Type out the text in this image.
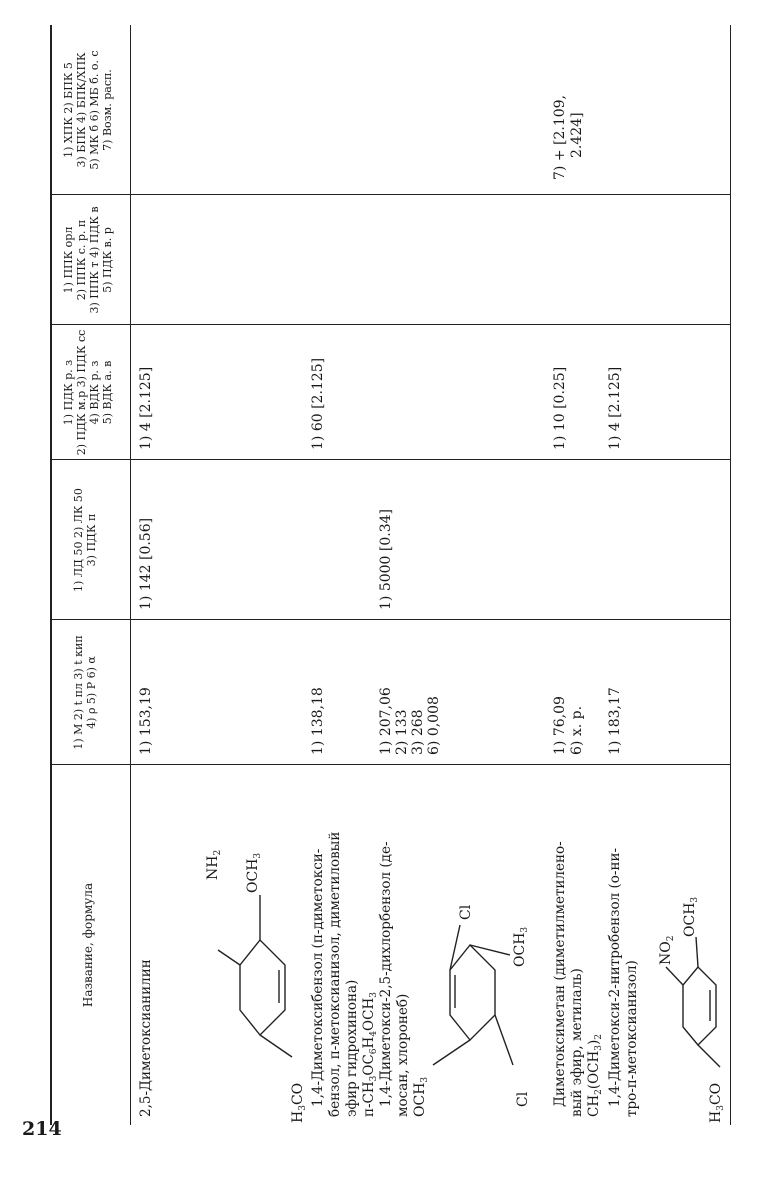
214
Название, формула
1) M 2) t пл 3) t кип 4) ρ 5) P 6) α
1) ЛД 50 2) ЛК 50 3) ПДК п
1) ПДК р. з 2) ПДК м.р 3) ПДК сс 4) ВДК р. з 5) ВДК а. в
1) ППК орл 2) ППК с. р. п 3) ППК т 4) ПДК в 5) ПДК в. р
1) ХПК 2) БПК 5 3) БПК 4) БПК/ХПК 5) МК б 6) МБ б. о. с 7) Возм. расп.
2,5-Диметоксианилин
$NH_2$
$OCH_3$
$H_3CO$
1) 153,19
1) 142 [0.56]
1) 4 [2.125]
1,4-Диметоксибензол (п-диметокси- бензол, п-метоксианизол, диметиловый эфир гидрохинона) $п-CH_3OC_6H_4OCH_3$
1) 138,18
1) 60 [2.125]
1,4-Диметокси-2,5-дихлорбензол (де- мосан, хлоронеб) $OCH_3$
Cl
Cl
$OCH_3$
1) 207,06 2) 133 3) 268 6) 0,008
1) 5000 [0.34]
Диметоксиметан (диметилметилено- вый эфир, метилаль) $CH_2(OCH_3)_2$
1) 76,09 6) х. р.
1) 10 [0.25]
7) + [2.109, 2.424]
1,4-Диметокси-2-нитробензол (о-ни- тро-п-метоксианизол)
$NO_2$
$OCH_3$
$H_3CO$
1) 183,17
1) 4 [2.125]
